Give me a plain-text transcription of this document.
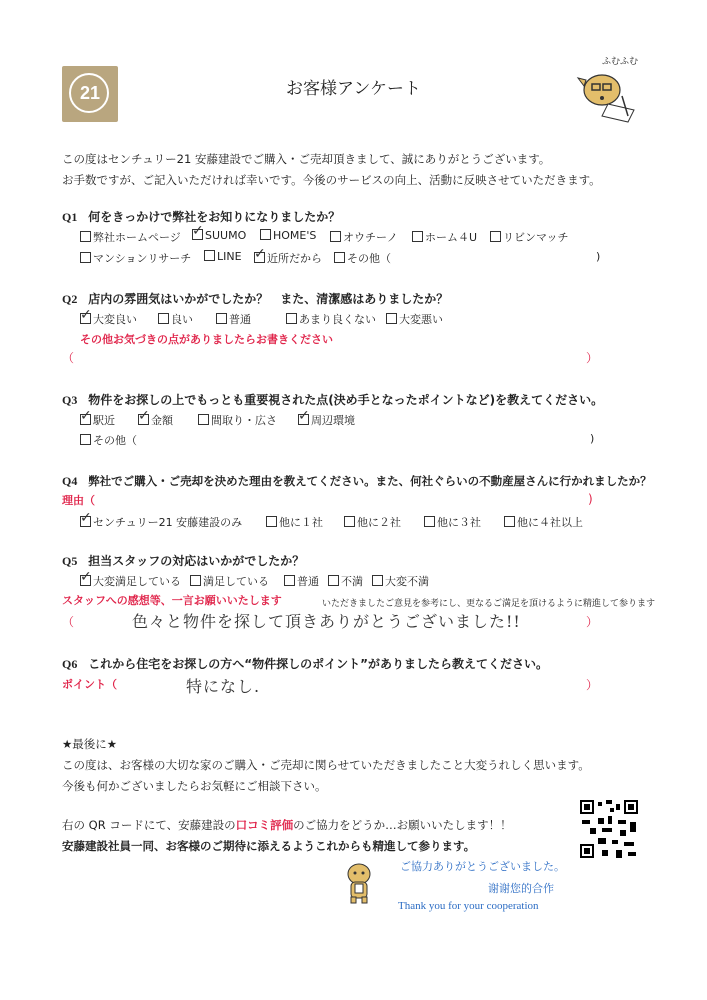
21	お客様アンケート
ふむふむ
この度はセンチュリー21 安藤建設でご購入・ご売却頂きまして、誠にありがとうございます。
お手数ですが、ご記入いただければ幸いです。今後のサービスの向上、活動に反映させていただきます。
Q1 何をきっかけで弊社をお知りになりましたか？
弊社ホームページ ✓ SUUMO	HOME'S	オウチーノ	ホーム４U	リビンマッチ
マンションリサーチ	LINE ✓ 近所だから	その他（	)
Q2 店内の雰囲気はいかがでしたか？　また、清潔感はありましたか？
✓ 大変良い	良い	普通	あまり良くない	大変悪い
その他お気づきの点がありましたらお書きください
（	）
Q3 物件をお探しの上でもっとも重要視された点(決め手となったポイントなど)を教えてください。
✓ 駅近 ✓ 金額	間取り・広さ ✓ 周辺環境
その他（	)
Q4 弊社でご購入・ご売却を決めた理由を教えてください。また、何社ぐらいの不動産屋さんに行かれましたか？
理由（	)
✓ センチュリー21 安藤建設のみ	他に１社	他に２社	他に３社	他に４社以上
Q5 担当スタッフの対応はいかがでしたか？
✓ 大変満足している	満足している	普通	不満	大変不満
スタッフへの感想等、一言お願いいたします	いただきましたご意見を参考にし、更なるご満足を頂けるように精進して参ります
（	色々と物件を探して頂きありがとうございました!!	）
Q6 これから住宅をお探しの方へ“物件探しのポイント”がありましたら教えてください。
ポイント（	特になし.	）
★最後に★
この度は、お客様の大切な家のご購入・ご売却に関らせていただきましたこと大変うれしく思います。
今後も何かございましたらお気軽にご相談下さい。
右の QR コードにて、安藤建設の口コミ評価のご協力をどうか…お願いいたします！！
安藤建設社員一同、お客様のご期待に添えるようこれからも精進して参ります。
ご協力ありがとうございました。
谢谢您的合作
Thank you for your cooperation
